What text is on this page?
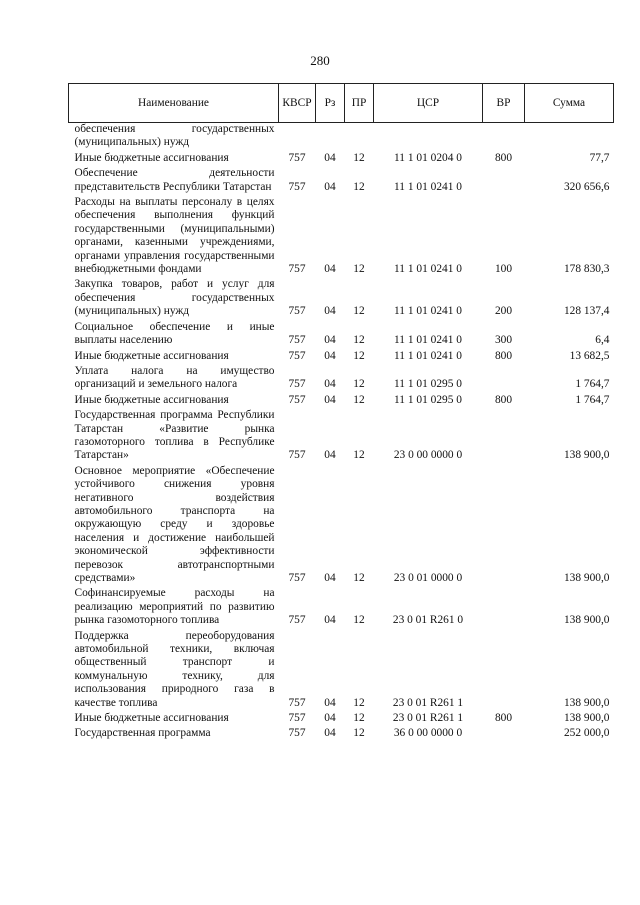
280
Наименование	КВСР	Рз	ПР	ЦСР	ВР	Сумма
обеспечения государственных (муниципальных) нужд						
Иные бюджетные ассигнования	757	04	12	11 1 01 0204 0	800	77,7
Обеспечение деятельности представительств Республики Татарстан	757	04	12	11 1 01 0241 0		320 656,6
Расходы на выплаты персоналу в целях обеспечения выполнения функций государственными (муниципальными) органами, казенными учреждениями, органами управления государственными внебюджетными фондами	757	04	12	11 1 01 0241 0	100	178 830,3
Закупка товаров, работ и услуг для обеспечения государственных (муниципальных) нужд	757	04	12	11 1 01 0241 0	200	128 137,4
Социальное обеспечение и иные выплаты населению	757	04	12	11 1 01 0241 0	300	6,4
Иные бюджетные ассигнования	757	04	12	11 1 01 0241 0	800	13 682,5
Уплата налога на имущество организаций и земельного налога	757	04	12	11 1 01 0295 0		1 764,7
Иные бюджетные ассигнования	757	04	12	11 1 01 0295 0	800	1 764,7
Государственная программа Республики Татарстан «Развитие рынка газомоторного топлива в Республике Татарстан»	757	04	12	23 0 00 0000 0		138 900,0
Основное мероприятие «Обеспечение устойчивого снижения уровня негативного воздействия автомобильного транспорта на окружающую среду и здоровье населения и достижение наибольшей экономической эффективности перевозок автотранспортными средствами»	757	04	12	23 0 01 0000 0		138 900,0
Софинансируемые расходы на реализацию мероприятий по развитию рынка газомоторного топлива	757	04	12	23 0 01 R261 0		138 900,0
Поддержка переоборудования автомобильной техники, включая общественный транспорт и коммунальную технику, для использования природного газа в качестве топлива	757	04	12	23 0 01 R261 1		138 900,0
Иные бюджетные ассигнования	757	04	12	23 0 01 R261 1	800	138 900,0
Государственная программа	757	04	12	36 0 00 0000 0		252 000,0
